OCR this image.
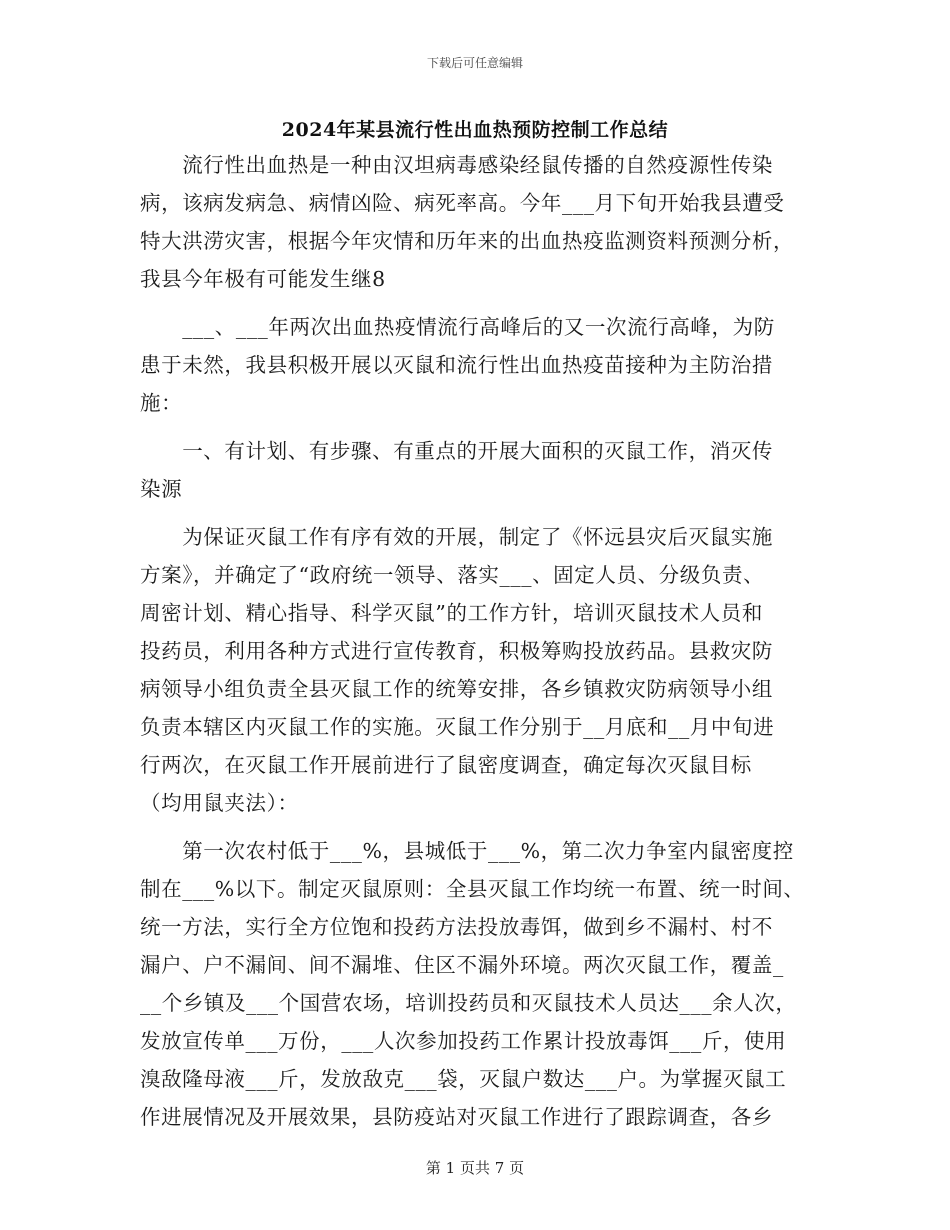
下载后可任意编辑
2024年某县流行性出血热预防控制工作总结
　　流行性出血热是一种由汉坦病毒感染经鼠传播的自然疫源性传染
病，该病发病急、病情凶险、病死率高。今年___月下旬开始我县遭受
特大洪涝灾害，根据今年灾情和历年来的出血热疫监测资料预测分析，
我县今年极有可能发生继8
　　___、___年两次出血热疫情流行高峰后的又一次流行高峰，为防
患于未然，我县积极开展以灭鼠和流行性出血热疫苗接种为主防治措
施：
　　一、有计划、有步骤、有重点的开展大面积的灭鼠工作，消灭传
染源
　　为保证灭鼠工作有序有效的开展，制定了《怀远县灾后灭鼠实施
方案》，并确定了“政府统一领导、落实___、固定人员、分级负责、
周密计划、精心指导、科学灭鼠”的工作方针，培训灭鼠技术人员和
投药员，利用各种方式进行宣传教育，积极筹购投放药品。县救灾防
病领导小组负责全县灭鼠工作的统筹安排，各乡镇救灾防病领导小组
负责本辖区内灭鼠工作的实施。灭鼠工作分别于__月底和__月中旬进
行两次，在灭鼠工作开展前进行了鼠密度调查，确定每次灭鼠目标
（均用鼠夹法）：
　　第一次农村低于___%，县城低于___%，第二次力争室内鼠密度控
制在___%以下。制定灭鼠原则：全县灭鼠工作均统一布置、统一时间、
统一方法，实行全方位饱和投药方法投放毒饵，做到乡不漏村、村不
漏户、户不漏间、间不漏堆、住区不漏外环境。两次灭鼠工作，覆盖_
__个乡镇及___个国营农场，培训投药员和灭鼠技术人员达___余人次，
发放宣传单___万份，___人次参加投药工作累计投放毒饵___斤，使用
溴敌隆母液___斤，发放敌克___袋，灭鼠户数达___户。为掌握灭鼠工
作进展情况及开展效果，县防疫站对灭鼠工作进行了跟踪调查，各乡
第 1 页共 7 页
